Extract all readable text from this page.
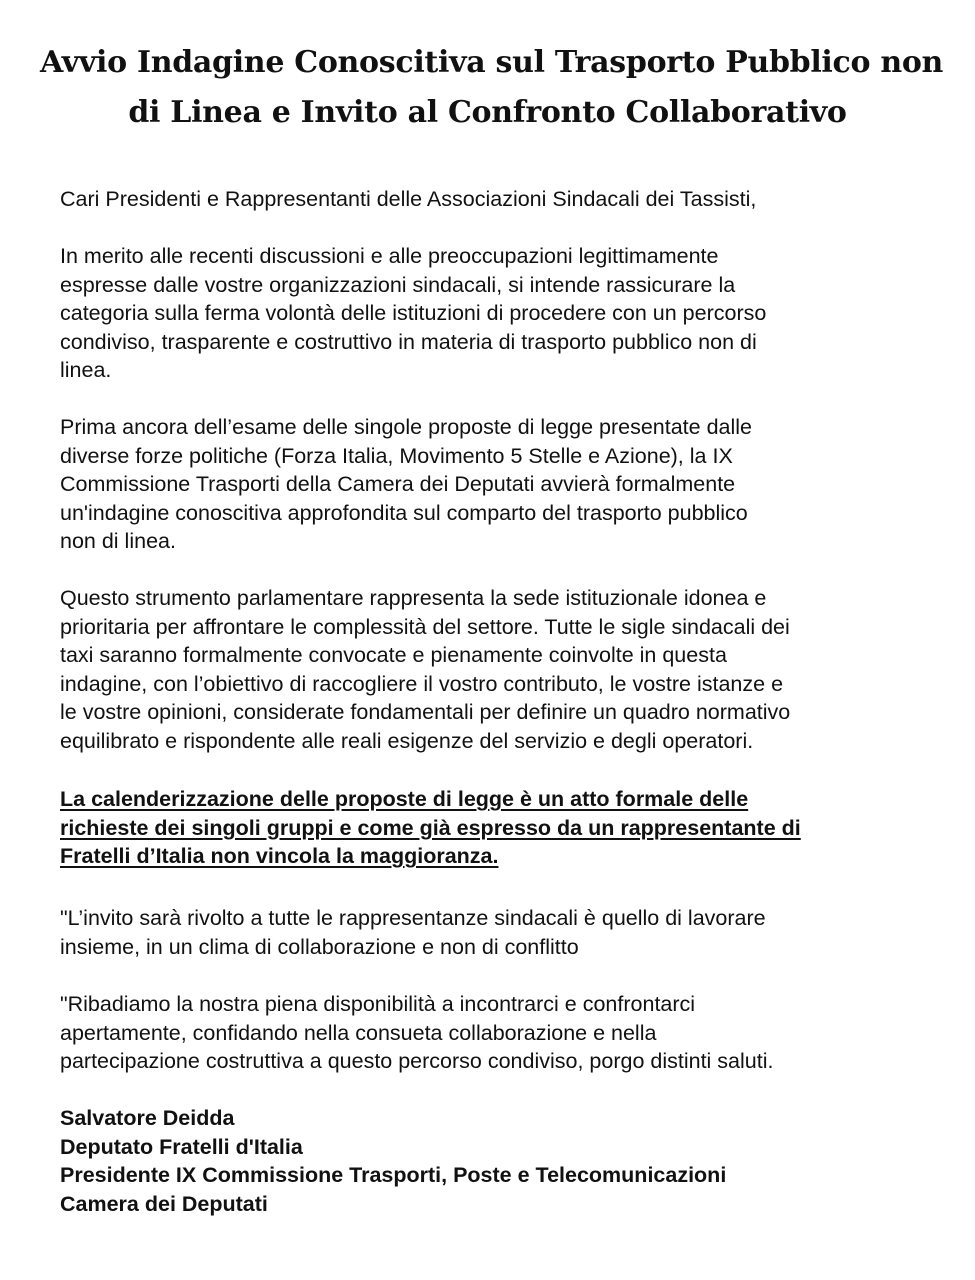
Avvio Indagine Conoscitiva sul Trasporto Pubblico non
di Linea e Invito al Confronto Collaborativo

Cari Presidenti e Rappresentanti delle Associazioni Sindacali dei Tassisti,

In merito alle recenti discussioni e alle preoccupazioni legittimamente
espresse dalle vostre organizzazioni sindacali, si intende rassicurare la
categoria sulla ferma volontà delle istituzioni di procedere con un percorso
condiviso, trasparente e costruttivo in materia di trasporto pubblico non di
linea.

Prima ancora dell’esame delle singole proposte di legge presentate dalle
diverse forze politiche (Forza Italia, Movimento 5 Stelle e Azione), la IX
Commissione Trasporti della Camera dei Deputati avvierà formalmente
un'indagine conoscitiva approfondita sul comparto del trasporto pubblico
non di linea.

Questo strumento parlamentare rappresenta la sede istituzionale idonea e
prioritaria per affrontare le complessità del settore. Tutte le sigle sindacali dei
taxi saranno formalmente convocate e pienamente coinvolte in questa
indagine, con l’obiettivo di raccogliere il vostro contributo, le vostre istanze e
le vostre opinioni, considerate fondamentali per definire un quadro normativo
equilibrato e rispondente alle reali esigenze del servizio e degli operatori.

La calenderizzazione delle proposte di legge è un atto formale delle
richieste dei singoli gruppi e come già espresso da un rappresentante di
Fratelli d’Italia non vincola la maggioranza.

"L’invito sarà rivolto a tutte le rappresentanze sindacali è quello di lavorare
insieme, in un clima di collaborazione e non di conflitto

"Ribadiamo la nostra piena disponibilità a incontrarci e confrontarci
apertamente, confidando nella consueta collaborazione e nella
partecipazione costruttiva a questo percorso condiviso, porgo distinti saluti.

Salvatore Deidda
Deputato Fratelli d'Italia
Presidente IX Commissione Trasporti, Poste e Telecomunicazioni
Camera dei Deputati
